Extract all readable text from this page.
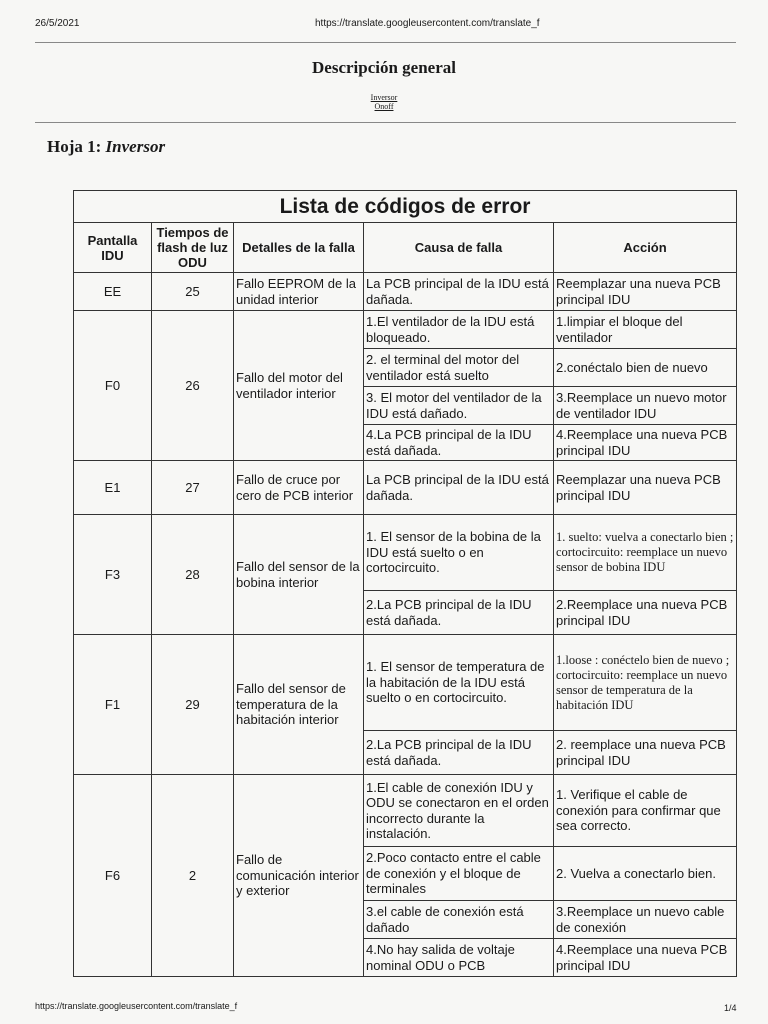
26/5/2021	https://translate.googleusercontent.com/translate_f
Descripción general
Inversor
Onoff
Hoja 1: Inversor
Lista de códigos de error				
Pantalla IDU	Tiempos de flash de luz ODU	Detalles de la falla	Causa de falla	Acción
EE	25	Fallo EEPROM de la unidad interior	La PCB principal de la IDU está dañada.	Reemplazar una nueva PCB principal IDU
F0	26	Fallo del motor del ventilador interior	1.El ventilador de la IDU está bloqueado.	1.limpiar el bloque del ventilador
			2. el terminal del motor del ventilador está suelto	2.conéctalo bien de nuevo
			3. El motor del ventilador de la IDU está dañado.	3.Reemplace un nuevo motor de ventilador IDU
			4.La PCB principal de la IDU está dañada.	4.Reemplace una nueva PCB principal IDU
E1	27	Fallo de cruce por cero de PCB interior	La PCB principal de la IDU está dañada.	Reemplazar una nueva PCB principal IDU
F3	28	Fallo del sensor de la bobina interior	1. El sensor de la bobina de la IDU está suelto o en cortocircuito.	1. suelto: vuelva a conectarlo bien ; cortocircuito: reemplace un nuevo sensor de bobina IDU
			2.La PCB principal de la IDU está dañada.	2.Reemplace una nueva PCB principal IDU
F1	29	Fallo del sensor de temperatura de la habitación interior	1. El sensor de temperatura de la habitación de la IDU está suelto o en cortocircuito.	1.loose : conéctelo bien de nuevo ; cortocircuito: reemplace un nuevo sensor de temperatura de la habitación IDU
			2.La PCB principal de la IDU está dañada.	2. reemplace una nueva PCB principal IDU
F6	2	Fallo de comunicación interior y exterior	1.El cable de conexión IDU y ODU se conectaron en el orden incorrecto durante la instalación.	1. Verifique el cable de conexión para confirmar que sea correcto.
			2.Poco contacto entre el cable de conexión y el bloque de terminales	2. Vuelva a conectarlo bien.
			3.el cable de conexión está dañado	3.Reemplace un nuevo cable de conexión
			4.No hay salida de voltaje nominal ODU o PCB	4.Reemplace una nueva PCB principal IDU
https://translate.googleusercontent.com/translate_f	1/4
